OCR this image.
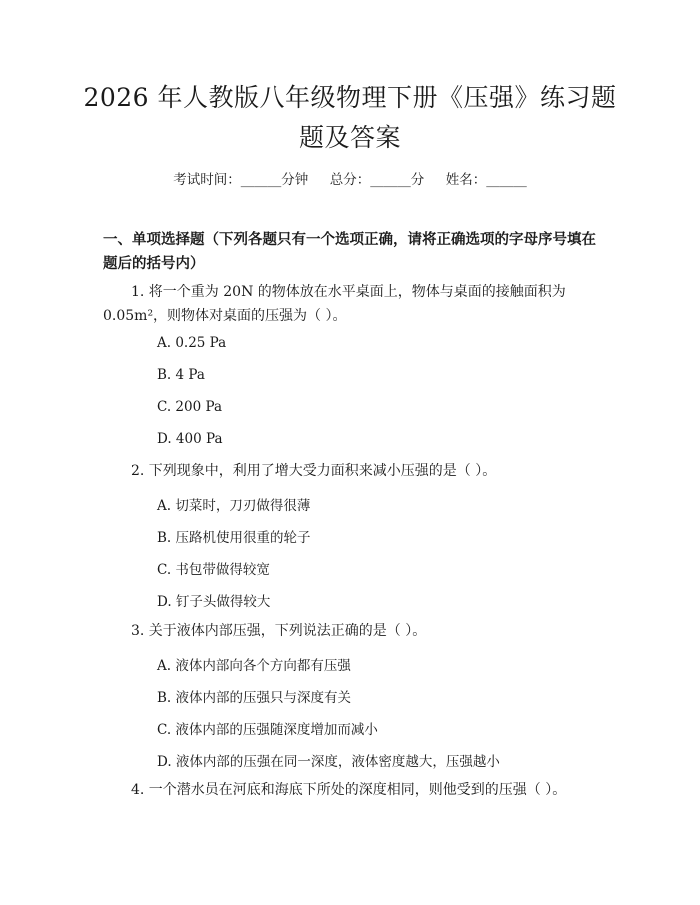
2026 年人教版八年级物理下册《压强》练习题题及答案
考试时间：______分钟     总分：______分     姓名：______
一、单项选择题（下列各题只有一个选项正确，请将正确选项的字母序号填在题后的括号内）
1. 将一个重为 20N 的物体放在水平桌面上，物体与桌面的接触面积为 0.05m²，则物体对桌面的压强为（ ）。
A. 0.25 Pa
B. 4 Pa
C. 200 Pa
D. 400 Pa
2. 下列现象中，利用了增大受力面积来减小压强的是（ ）。
A. 切菜时，刀刃做得很薄
B. 压路机使用很重的轮子
C. 书包带做得较宽
D. 钉子头做得较大
3. 关于液体内部压强，下列说法正确的是（ ）。
A. 液体内部向各个方向都有压强
B. 液体内部的压强只与深度有关
C. 液体内部的压强随深度增加而减小
D. 液体内部的压强在同一深度，液体密度越大，压强越小
4. 一个潜水员在河底和海底下所处的深度相同，则他受到的压强（ ）。
